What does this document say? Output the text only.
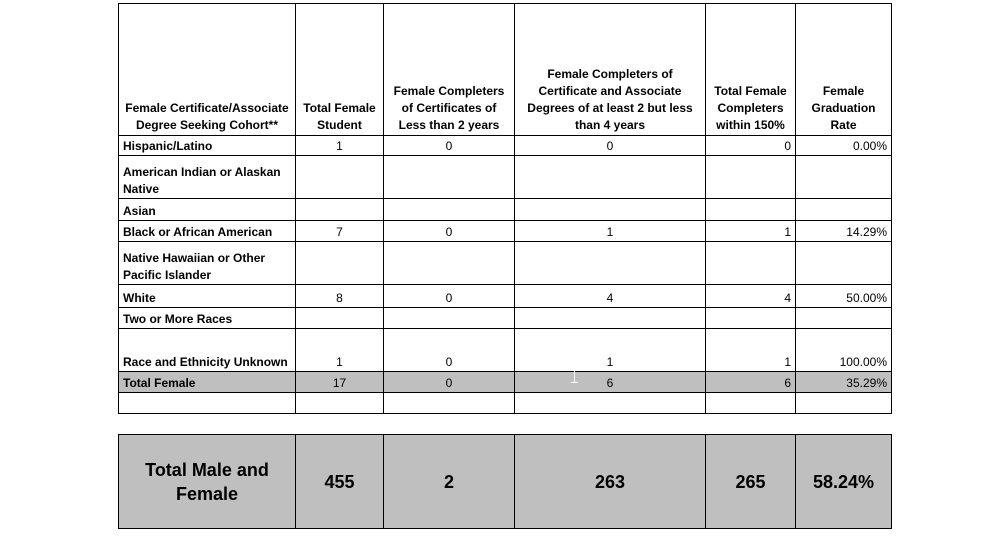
Female Certificate/Associate Degree Seeking Cohort**	Total Female Student	Female Completers of Certificates of Less than 2 years	Female Completers of Certificate and Associate Degrees of at least 2 but less than 4 years	Total Female Completers within 150%	Female Graduation Rate
Hispanic/Latino	1	0	0	0	0.00%
American Indian or Alaskan Native					
Asian					
Black or African American	7	0	1	1	14.29%
Native Hawaiian or Other Pacific Islander					
White	8	0	4	4	50.00%
Two or More Races					
Race and Ethnicity Unknown	1	0	1	1	100.00%
Total Female	17	0	6	6	35.29%

Total Male and Female	455	2	263	265	58.24%
